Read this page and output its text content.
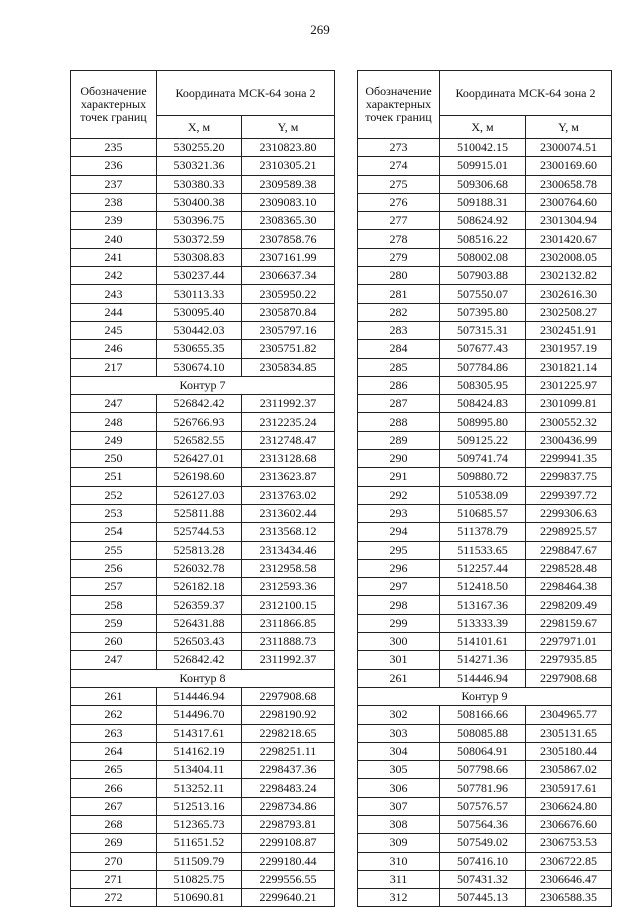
269
Обозначение характерных точек границ	Координата МСК-64 зона 2	
	X, м	Y, м
235	530255.20	2310823.80
236	530321.36	2310305.21
237	530380.33	2309589.38
238	530400.38	2309083.10
239	530396.75	2308365.30
240	530372.59	2307858.76
241	530308.83	2307161.99
242	530237.44	2306637.34
243	530113.33	2305950.22
244	530095.40	2305870.84
245	530442.03	2305797.16
246	530655.35	2305751.82
217	530674.10	2305834.85
Контур 7		
247	526842.42	2311992.37
248	526766.93	2312235.24
249	526582.55	2312748.47
250	526427.01	2313128.68
251	526198.60	2313623.87
252	526127.03	2313763.02
253	525811.88	2313602.44
254	525744.53	2313568.12
255	525813.28	2313434.46
256	526032.78	2312958.58
257	526182.18	2312593.36
258	526359.37	2312100.15
259	526431.88	2311866.85
260	526503.43	2311888.73
247	526842.42	2311992.37
Контур 8		
261	514446.94	2297908.68
262	514496.70	2298190.92
263	514317.61	2298218.65
264	514162.19	2298251.11
265	513404.11	2298437.36
266	513252.11	2298483.24
267	512513.16	2298734.86
268	512365.73	2298793.81
269	511651.52	2299108.87
270	511509.79	2299180.44
271	510825.75	2299556.55
272	510690.81	2299640.21
Обозначение характерных точек границ	Координата МСК-64 зона 2	
	X, м	Y, м
273	510042.15	2300074.51
274	509915.01	2300169.60
275	509306.68	2300658.78
276	509188.31	2300764.60
277	508624.92	2301304.94
278	508516.22	2301420.67
279	508002.08	2302008.05
280	507903.88	2302132.82
281	507550.07	2302616.30
282	507395.80	2302508.27
283	507315.31	2302451.91
284	507677.43	2301957.19
285	507784.86	2301821.14
286	508305.95	2301225.97
287	508424.83	2301099.81
288	508995.80	2300552.32
289	509125.22	2300436.99
290	509741.74	2299941.35
291	509880.72	2299837.75
292	510538.09	2299397.72
293	510685.57	2299306.63
294	511378.79	2298925.57
295	511533.65	2298847.67
296	512257.44	2298528.48
297	512418.50	2298464.38
298	513167.36	2298209.49
299	513333.39	2298159.67
300	514101.61	2297971.01
301	514271.36	2297935.85
261	514446.94	2297908.68
Контур 9		
302	508166.66	2304965.77
303	508085.88	2305131.65
304	508064.91	2305180.44
305	507798.66	2305867.02
306	507781.96	2305917.61
307	507576.57	2306624.80
308	507564.36	2306676.60
309	507549.02	2306753.53
310	507416.10	2306722.85
311	507431.32	2306646.47
312	507445.13	2306588.35
